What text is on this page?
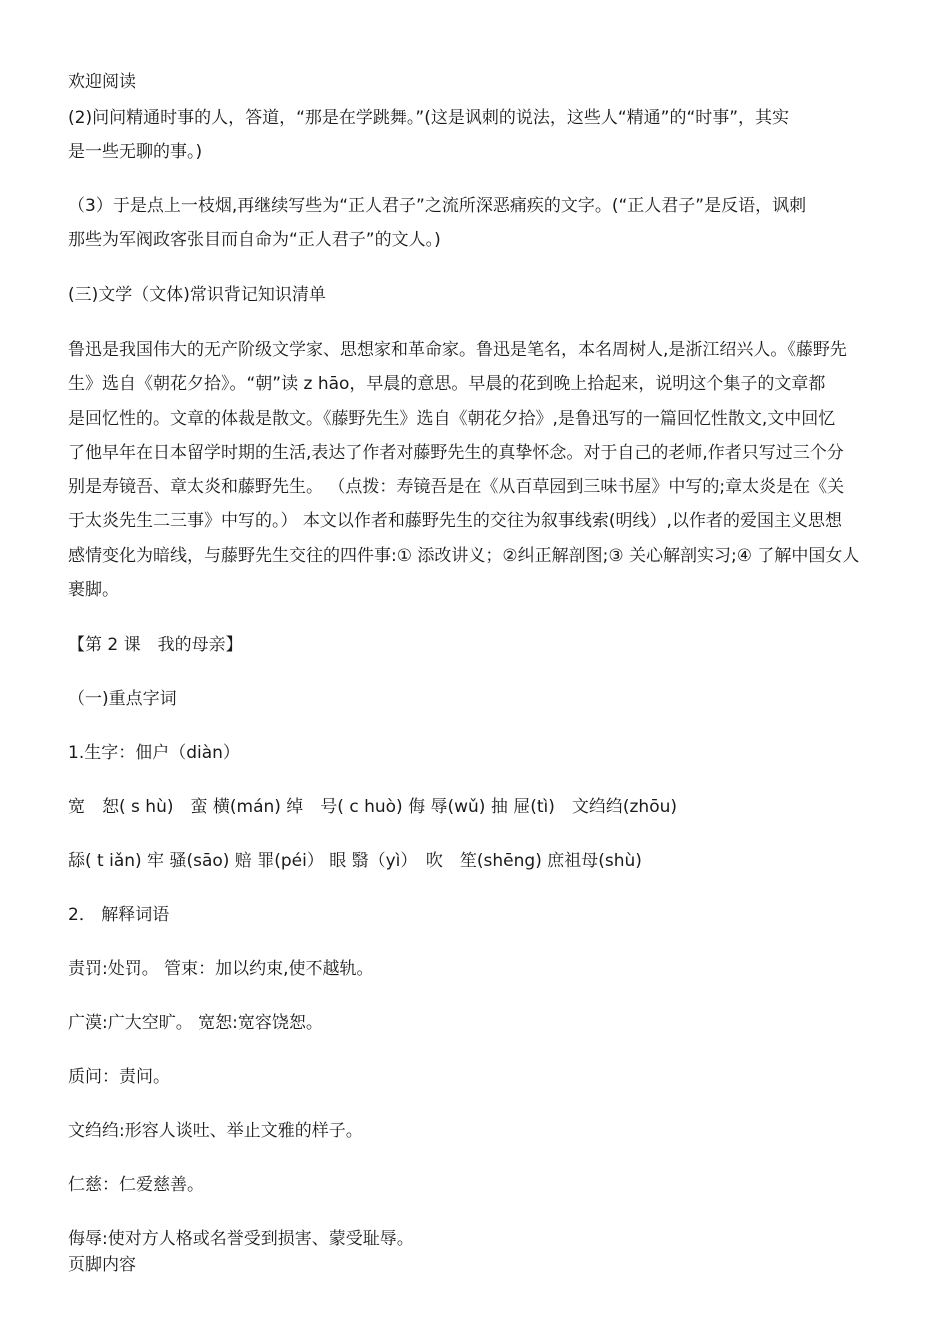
欢迎阅读
(2)问问精通时事的人，答道，“那是在学跳舞。”(这是讽刺的说法，这些人“精通”的“时事”，其实
是一些无聊的事。)
（3）于是点上一枝烟,再继续写些为“正人君子”之流所深恶痛疾的文字。(“正人君子”是反语，讽刺
那些为军阀政客张目而自命为“正人君子”的文人。)
(三)文学（文体)常识背记知识清单
鲁迅是我国伟大的无产阶级文学家、思想家和革命家。鲁迅是笔名，本名周树人,是浙江绍兴人。《藤野先
生》选自《朝花夕拾》。“朝”读 z hāo，早晨的意思。早晨的花到晚上拾起来，说明这个集子的文章都
是回忆性的。文章的体裁是散文。《藤野先生》选自《朝花夕拾》,是鲁迅写的一篇回忆性散文,文中回忆
了他早年在日本留学时期的生活,表达了作者对藤野先生的真挚怀念。对于自己的老师,作者只写过三个分
别是寿镜吾、章太炎和藤野先生。 （点拨：寿镜吾是在《从百草园到三味书屋》中写的;章太炎是在《关
于太炎先生二三事》中写的。） 本文以作者和藤野先生的交往为叙事线索(明线）,以作者的爱国主义思想
感情变化为暗线，与藤野先生交往的四件事:① 添改讲义；②纠正解剖图;③ 关心解剖实习;④ 了解中国女人
裹脚。
【第 2 课　我的母亲】
（一)重点字词
1.生字：佃户（diàn）
宽　恕( s hù)　蛮 横(mán) 绰　号( c huò) 侮 辱(wǔ) 抽 屉(tì)　文绉绉(zhōu)
舔( t iǎn) 牢 骚(sāo) 赔 罪(péi） 眼 翳（yì）　吹　笙(shēng) 庶祖母(shù)
2． 解释词语
责罚:处罚。 管束：加以约束,使不越轨。
广漠:广大空旷。 宽恕:宽容饶恕。
质问：责问。
文绉绉:形容人谈吐、举止文雅的样子。
仁慈：仁爱慈善。
侮辱:使对方人格或名誉受到损害、蒙受耻辱。
页脚内容
